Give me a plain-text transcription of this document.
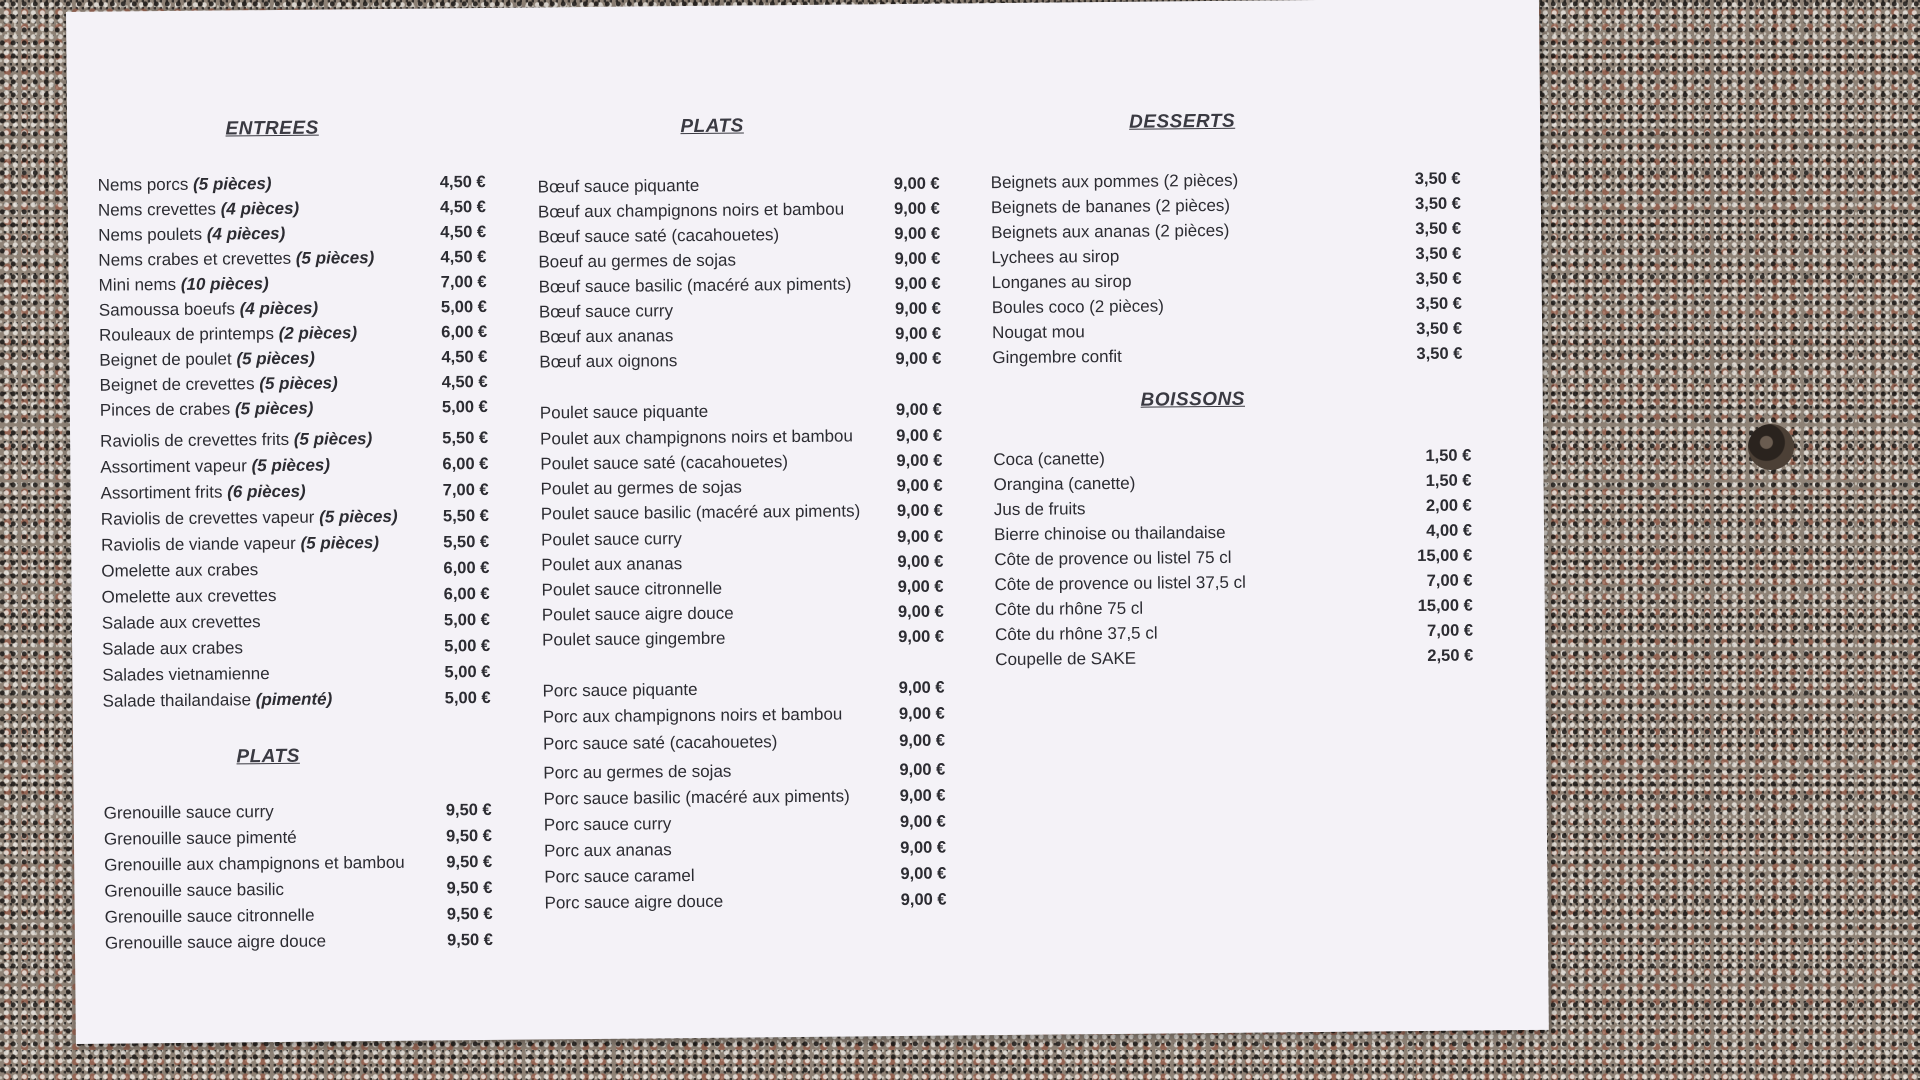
ENTREES
Nems porcs (5 pièces)	4,50 €
Nems crevettes (4 pièces)	4,50 €
Nems poulets (4 pièces)	4,50 €
Nems crabes et crevettes (5 pièces)	4,50 €
Mini nems (10 pièces)	7,00 €
Samoussa boeufs (4 pièces)	5,00 €
Rouleaux de printemps (2 pièces)	6,00 €
Beignet de poulet (5 pièces)	4,50 €
Beignet de crevettes (5 pièces)	4,50 €
Pinces de crabes (5 pièces)	5,00 €
Raviolis de crevettes frits (5 pièces)	5,50 €
Assortiment vapeur (5 pièces)	6,00 €
Assortiment frits (6 pièces)	7,00 €
Raviolis de crevettes vapeur (5 pièces)	5,50 €
Raviolis de viande vapeur (5 pièces)	5,50 €
Omelette aux crabes	6,00 €
Omelette aux crevettes	6,00 €
Salade aux crevettes	5,00 €
Salade aux crabes	5,00 €
Salades vietnamienne	5,00 €
Salade thailandaise (pimenté)	5,00 €
PLATS
Grenouille sauce curry	9,50 €
Grenouille sauce pimenté	9,50 €
Grenouille aux champignons et bambou	9,50 €
Grenouille sauce basilic	9,50 €
Grenouille sauce citronnelle	9,50 €
Grenouille sauce aigre douce	9,50 €
PLATS
Bœuf sauce piquante	9,00 €
Bœuf aux champignons noirs et bambou	9,00 €
Bœuf sauce saté (cacahouetes)	9,00 €
Boeuf au germes de sojas	9,00 €
Bœuf sauce basilic (macéré aux piments)	9,00 €
Bœuf sauce curry	9,00 €
Bœuf aux ananas	9,00 €
Bœuf aux oignons	9,00 €
Poulet sauce piquante	9,00 €
Poulet aux champignons noirs et bambou	9,00 €
Poulet sauce saté (cacahouetes)	9,00 €
Poulet au germes de sojas	9,00 €
Poulet sauce basilic (macéré aux piments) 9,00 €
Poulet sauce curry	9,00 €
Poulet aux ananas	9,00 €
Poulet sauce citronnelle	9,00 €
Poulet sauce aigre douce	9,00 €
Poulet sauce gingembre	9,00 €
Porc sauce piquante	9,00 €
Porc aux champignons noirs et bambou	9,00 €
Porc sauce saté (cacahouetes)	9,00 €
Porc au germes de sojas	9,00 €
Porc sauce basilic (macéré aux piments)	9,00 €
Porc sauce curry	9,00 €
Porc aux ananas	9,00 €
Porc sauce caramel	9,00 €
Porc sauce aigre douce	9,00 €
DESSERTS
Beignets aux pommes (2 pièces)	3,50 €
Beignets de bananes (2 pièces)	3,50 €
Beignets aux ananas (2 pièces)	3,50 €
Lychees au sirop	3,50 €
Longanes au sirop	3,50 €
Boules coco (2 pièces)	3,50 €
Nougat mou	3,50 €
Gingembre confit	3,50 €
BOISSONS
Coca (canette)	1,50 €
Orangina (canette)	1,50 €
Jus de fruits	2,00 €
Bierre chinoise ou thailandaise	4,00 €
Côte de provence ou listel 75 cl	15,00 €
Côte de provence ou listel 37,5 cl	7,00 €
Côte du rhône 75 cl	15,00 €
Côte du rhône 37,5 cl	7,00 €
Coupelle de SAKE	2,50 €
